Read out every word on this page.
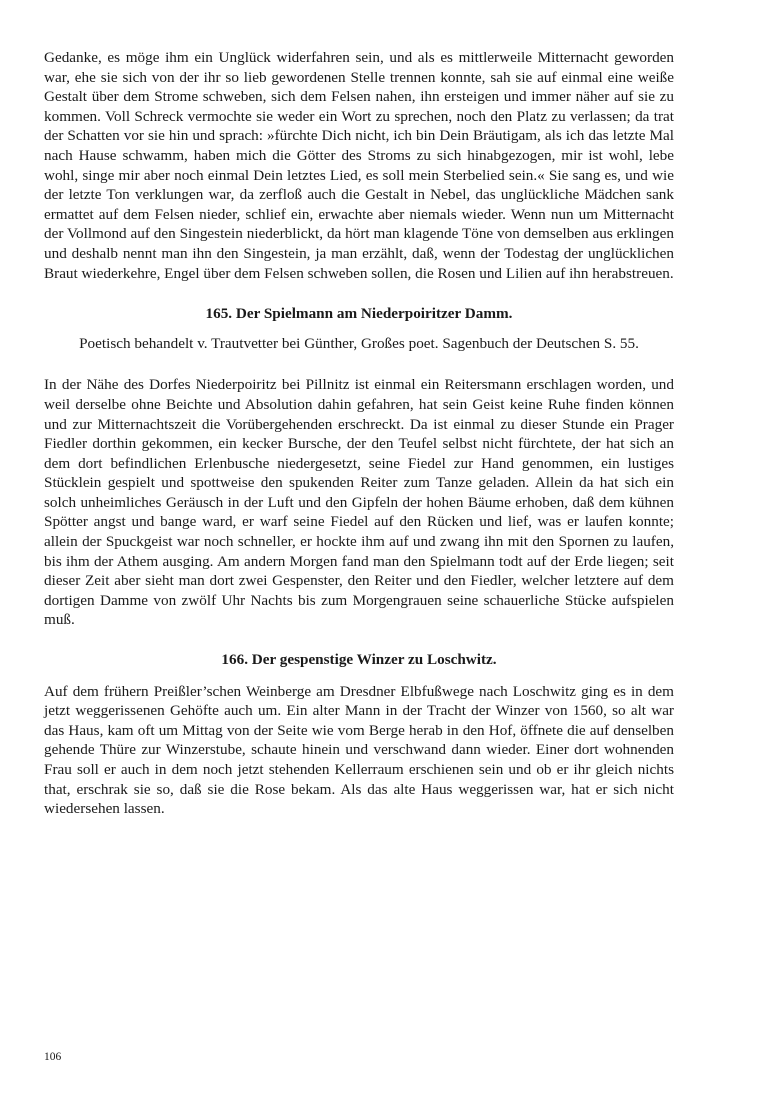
Gedanke, es möge ihm ein Unglück widerfahren sein, und als es mittlerweile Mitternacht geworden war, ehe sie sich von der ihr so lieb gewordenen Stelle trennen konnte, sah sie auf einmal eine weiße Gestalt über dem Strome schweben, sich dem Felsen nahen, ihn ersteigen und immer näher auf sie zu kommen. Voll Schreck vermochte sie weder ein Wort zu sprechen, noch den Platz zu verlassen; da trat der Schatten vor sie hin und sprach: »fürchte Dich nicht, ich bin Dein Bräutigam, als ich das letzte Mal nach Hause schwamm, haben mich die Götter des Stroms zu sich hinabgezogen, mir ist wohl, lebe wohl, singe mir aber noch einmal Dein letztes Lied, es soll mein Sterbelied sein.« Sie sang es, und wie der letzte Ton verklungen war, da zerfloß auch die Gestalt in Nebel, das unglückliche Mädchen sank ermattet auf dem Felsen nieder, schlief ein, erwachte aber niemals wieder. Wenn nun um Mitternacht der Vollmond auf den Singestein niederblickt, da hört man klagende Töne von demselben aus erklingen und deshalb nennt man ihn den Singestein, ja man erzählt, daß, wenn der Todestag der unglücklichen Braut wiederkehre, Engel über dem Felsen schweben sollen, die Rosen und Lilien auf ihn herabstreuen.

165. Der Spielmann am Niederpoiritzer Damm.

Poetisch behandelt v. Trautvetter bei Günther, Großes poet. Sagenbuch der Deutschen S. 55.

In der Nähe des Dorfes Niederpoiritz bei Pillnitz ist einmal ein Reitersmann erschlagen worden, und weil derselbe ohne Beichte und Absolution dahin gefahren, hat sein Geist keine Ruhe finden können und zur Mitternachtszeit die Vorübergehenden erschreckt. Da ist einmal zu dieser Stunde ein Prager Fiedler dorthin gekommen, ein kecker Bursche, der den Teufel selbst nicht fürchtete, der hat sich an dem dort befindlichen Erlenbusche niedergesetzt, seine Fiedel zur Hand genommen, ein lustiges Stücklein gespielt und spottweise den spukenden Reiter zum Tanze geladen. Allein da hat sich ein solch unheimliches Geräusch in der Luft und den Gipfeln der hohen Bäume erhoben, daß dem kühnen Spötter angst und bange ward, er warf seine Fiedel auf den Rücken und lief, was er laufen konnte; allein der Spuckgeist war noch schneller, er hockte ihm auf und zwang ihn mit den Spornen zu laufen, bis ihm der Athem ausging. Am andern Morgen fand man den Spielmann todt auf der Erde liegen; seit dieser Zeit aber sieht man dort zwei Gespenster, den Reiter und den Fiedler, welcher letztere auf dem dortigen Damme von zwölf Uhr Nachts bis zum Morgengrauen seine schauerliche Stücke aufspielen muß.

166. Der gespenstige Winzer zu Loschwitz.

Auf dem frühern Preißler’schen Weinberge am Dresdner Elbfußwege nach Loschwitz ging es in dem jetzt weggerissenen Gehöfte auch um. Ein alter Mann in der Tracht der Winzer von 1560, so alt war das Haus, kam oft um Mittag von der Seite wie vom Berge herab in den Hof, öffnete die auf denselben gehende Thüre zur Winzerstube, schaute hinein und verschwand dann wieder. Einer dort wohnenden Frau soll er auch in dem noch jetzt stehenden Kellerraum erschienen sein und ob er ihr gleich nichts that, erschrak sie so, daß sie die Rose bekam. Als das alte Haus weggerissen war, hat er sich nicht wiedersehen lassen.

106
